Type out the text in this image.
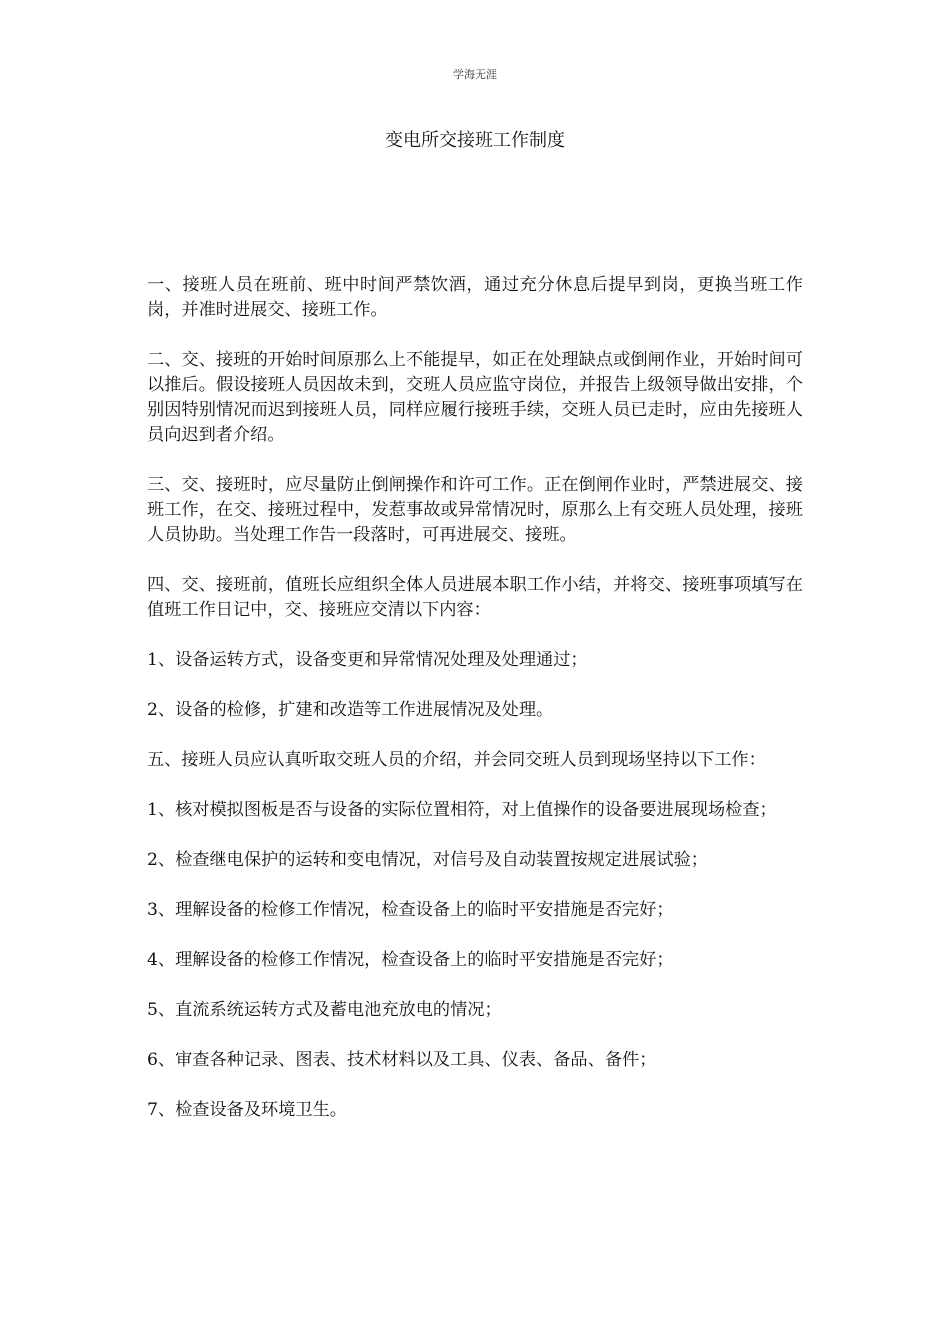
学海无涯
变电所交接班工作制度

一、接班人员在班前、班中时间严禁饮酒，通过充分休息后提早到岗，更换当班工作岗，并准时进展交、接班工作。

二、交、接班的开始时间原那么上不能提早，如正在处理缺点或倒闸作业，开始时间可以推后。假设接班人员因故未到，交班人员应监守岗位，并报告上级领导做出安排，个别因特别情况而迟到接班人员，同样应履行接班手续，交班人员已走时，应由先接班人员向迟到者介绍。

三、交、接班时，应尽量防止倒闸操作和许可工作。正在倒闸作业时，严禁进展交、接班工作，在交、接班过程中，发惹事故或异常情况时，原那么上有交班人员处理，接班人员协助。当处理工作告一段落时，可再进展交、接班。

四、交、接班前，值班长应组织全体人员进展本职工作小结，并将交、接班事项填写在值班工作日记中，交、接班应交清以下内容：

1、设备运转方式，设备变更和异常情况处理及处理通过；

2、设备的检修，扩建和改造等工作进展情况及处理。

五、接班人员应认真听取交班人员的介绍，并会同交班人员到现场坚持以下工作：

1、核对模拟图板是否与设备的实际位置相符，对上值操作的设备要进展现场检查；

2、检查继电保护的运转和变电情况，对信号及自动装置按规定进展试验；

3、理解设备的检修工作情况，检查设备上的临时平安措施是否完好；

4、理解设备的检修工作情况，检查设备上的临时平安措施是否完好；

5、直流系统运转方式及蓄电池充放电的情况；

6、审查各种记录、图表、技术材料以及工具、仪表、备品、备件；

7、检查设备及环境卫生。
